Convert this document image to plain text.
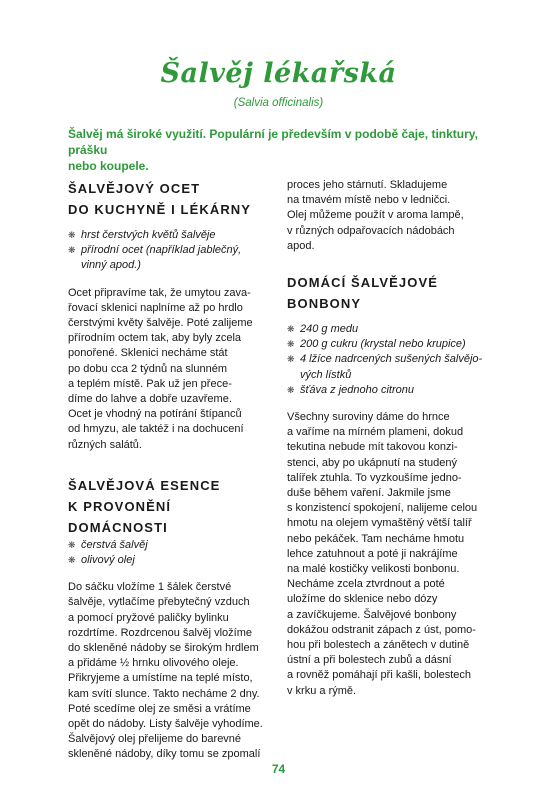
Šalvěj lékařská
(Salvia officinalis)
Šalvěj má široké využití. Populární je především v podobě čaje, tinktury, prášku
nebo koupele.
ŠALVĚJOVÝ OCET
DO KUCHYNĚ I LÉKÁRNY
❋ hrst čerstvých květů šalvěje
❋ přírodní ocet (například jablečný,
vinný apod.)
Ocet připravíme tak, že umytou zava-
řovací sklenici naplníme až po hrdlo
čerstvými květy šalvěje. Poté zalijeme
přírodním octem tak, aby byly zcela
ponořené. Sklenici necháme stát
po dobu cca 2 týdnů na slunném
a teplém místě. Pak už jen přece-
díme do lahve a dobře uzavřeme.
Ocet je vhodný na potírání štípanců
od hmyzu, ale taktéž i na dochucení
různých salátů.
ŠALVĚJOVÁ ESENCE
K PROVONĚNÍ
DOMÁCNOSTI
❋ čerstvá šalvěj
❋ olivový olej
Do sáčku vložíme 1 šálek čerstvé
šalvěje, vytlačíme přebytečný vzduch
a pomocí pryžové paličky bylinku
rozdrtíme. Rozdrcenou šalvěj vložíme
do skleněné nádoby se širokým hrdlem
a přidáme ½ hrnku olivového oleje.
Přikryjeme a umístíme na teplé místo,
kam svítí slunce. Takto necháme 2 dny.
Poté scedíme olej ze směsi a vrátíme
opět do nádoby. Listy šalvěje vyhodíme.
Šalvějový olej přelijeme do barevné
skleněné nádoby, díky tomu se zpomalí
proces jeho stárnutí. Skladujeme
na tmavém místě nebo v ledničci.
Olej můžeme použít v aroma lampě,
v různých odpařovacích nádobách
apod.
DOMÁCÍ ŠALVĚJOVÉ
BONBONY
❋ 240 g medu
❋ 200 g cukru (krystal nebo krupice)
❋ 4 lžíce nadrcených sušených šalvějo-
vých lístků
❋ šťáva z jednoho citronu
Všechny suroviny dáme do hrnce
a vaříme na mírném plameni, dokud
tekutina nebude mít takovou konzi-
stenci, aby po ukápnutí na studený
talířek ztuhla. To vyzkoušíme jedno-
duše během vaření. Jakmile jsme
s konzistencí spokojení, nalijeme celou
hmotu na olejem vymaštěný větší talíř
nebo pekáček. Tam necháme hmotu
lehce zatuhnout a poté ji nakrájíme
na malé kostičky velikosti bonbonu.
Necháme zcela ztvrdnout a poté
uložíme do sklenice nebo dózy
a zavíčkujeme. Šalvějové bonbony
dokážou odstranit zápach z úst, pomo-
hou při bolestech a zánětech v dutině
ústní a při bolestech zubů a dásní
a rovněž pomáhají při kašli, bolestech
v krku a rýmě.
74
